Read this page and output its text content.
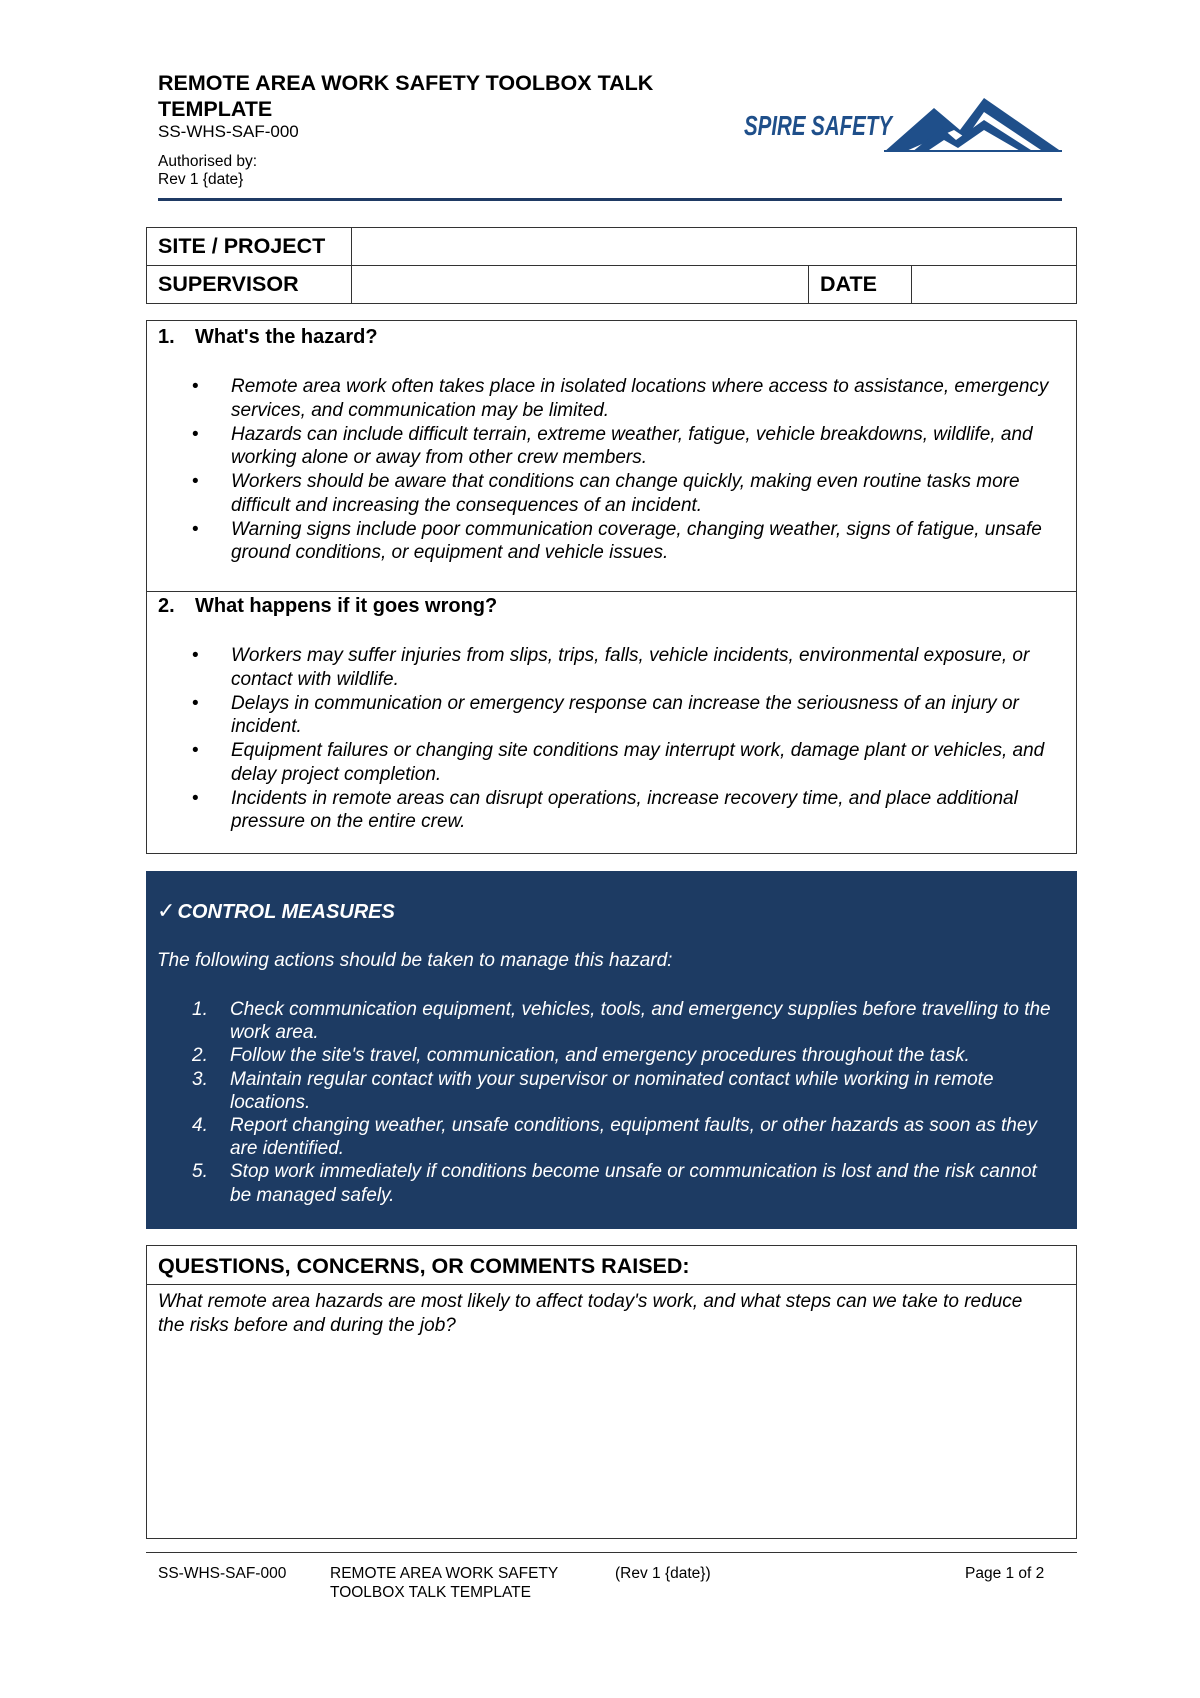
REMOTE AREA WORK SAFETY TOOLBOX TALK TEMPLATE
SS-WHS-SAF-000
Authorised by:
Rev 1 {date}
SPIRE SAFETY
SITE / PROJECT			
SUPERVISOR		DATE	
1. What's the hazard?
• Remote area work often takes place in isolated locations where access to assistance, emergency services, and communication may be limited.
• Hazards can include difficult terrain, extreme weather, fatigue, vehicle breakdowns, wildlife, and working alone or away from other crew members.
• Workers should be aware that conditions can change quickly, making even routine tasks more difficult and increasing the consequences of an incident.
• Warning signs include poor communication coverage, changing weather, signs of fatigue, unsafe ground conditions, or equipment and vehicle issues.
2. What happens if it goes wrong?
• Workers may suffer injuries from slips, trips, falls, vehicle incidents, environmental exposure, or contact with wildlife.
• Delays in communication or emergency response can increase the seriousness of an injury or incident.
• Equipment failures or changing site conditions may interrupt work, damage plant or vehicles, and delay project completion.
• Incidents in remote areas can disrupt operations, increase recovery time, and place additional pressure on the entire crew.
✓ CONTROL MEASURES
The following actions should be taken to manage this hazard:
Check communication equipment, vehicles, tools, and emergency supplies before travelling to the work area.
Follow the site's travel, communication, and emergency procedures throughout the task.
Maintain regular contact with your supervisor or nominated contact while working in remote locations.
Report changing weather, unsafe conditions, equipment faults, or other hazards as soon as they are identified.
Stop work immediately if conditions become unsafe or communication is lost and the risk cannot be managed safely.
QUESTIONS, CONCERNS, OR COMMENTS RAISED:
What remote area hazards are most likely to affect today's work, and what steps can we take to reduce the risks before and during the job?
SS-WHS-SAF-000	REMOTE AREA WORK SAFETY TOOLBOX TALK TEMPLATE
(Rev 1 {date})	Page 1 of 2
